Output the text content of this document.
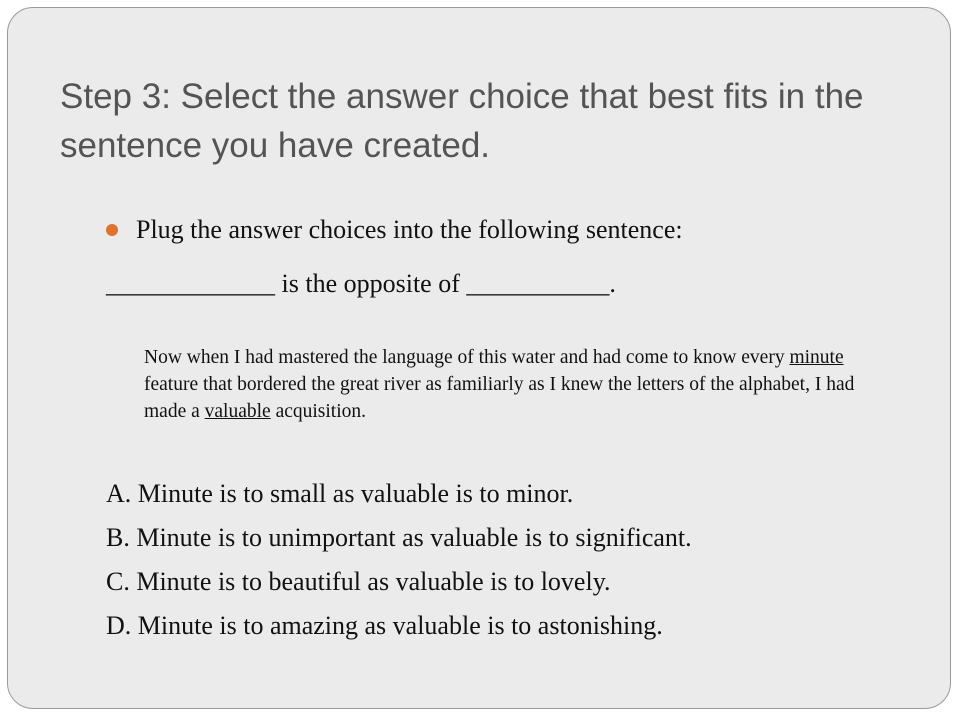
Step 3: Select the answer choice that best fits in the sentence you have created.
Plug the answer choices into the following sentence:
_____________ is the opposite of ___________.

Now when I had mastered the language of this water and had come to know every minute feature that bordered the great river as familiarly as I knew the letters of the alphabet, I had made a valuable acquisition.

A. Minute is to small as valuable is to minor.
B. Minute is to unimportant as valuable is to significant.
C. Minute is to beautiful as valuable is to lovely.
D. Minute is to amazing as valuable is to astonishing.
